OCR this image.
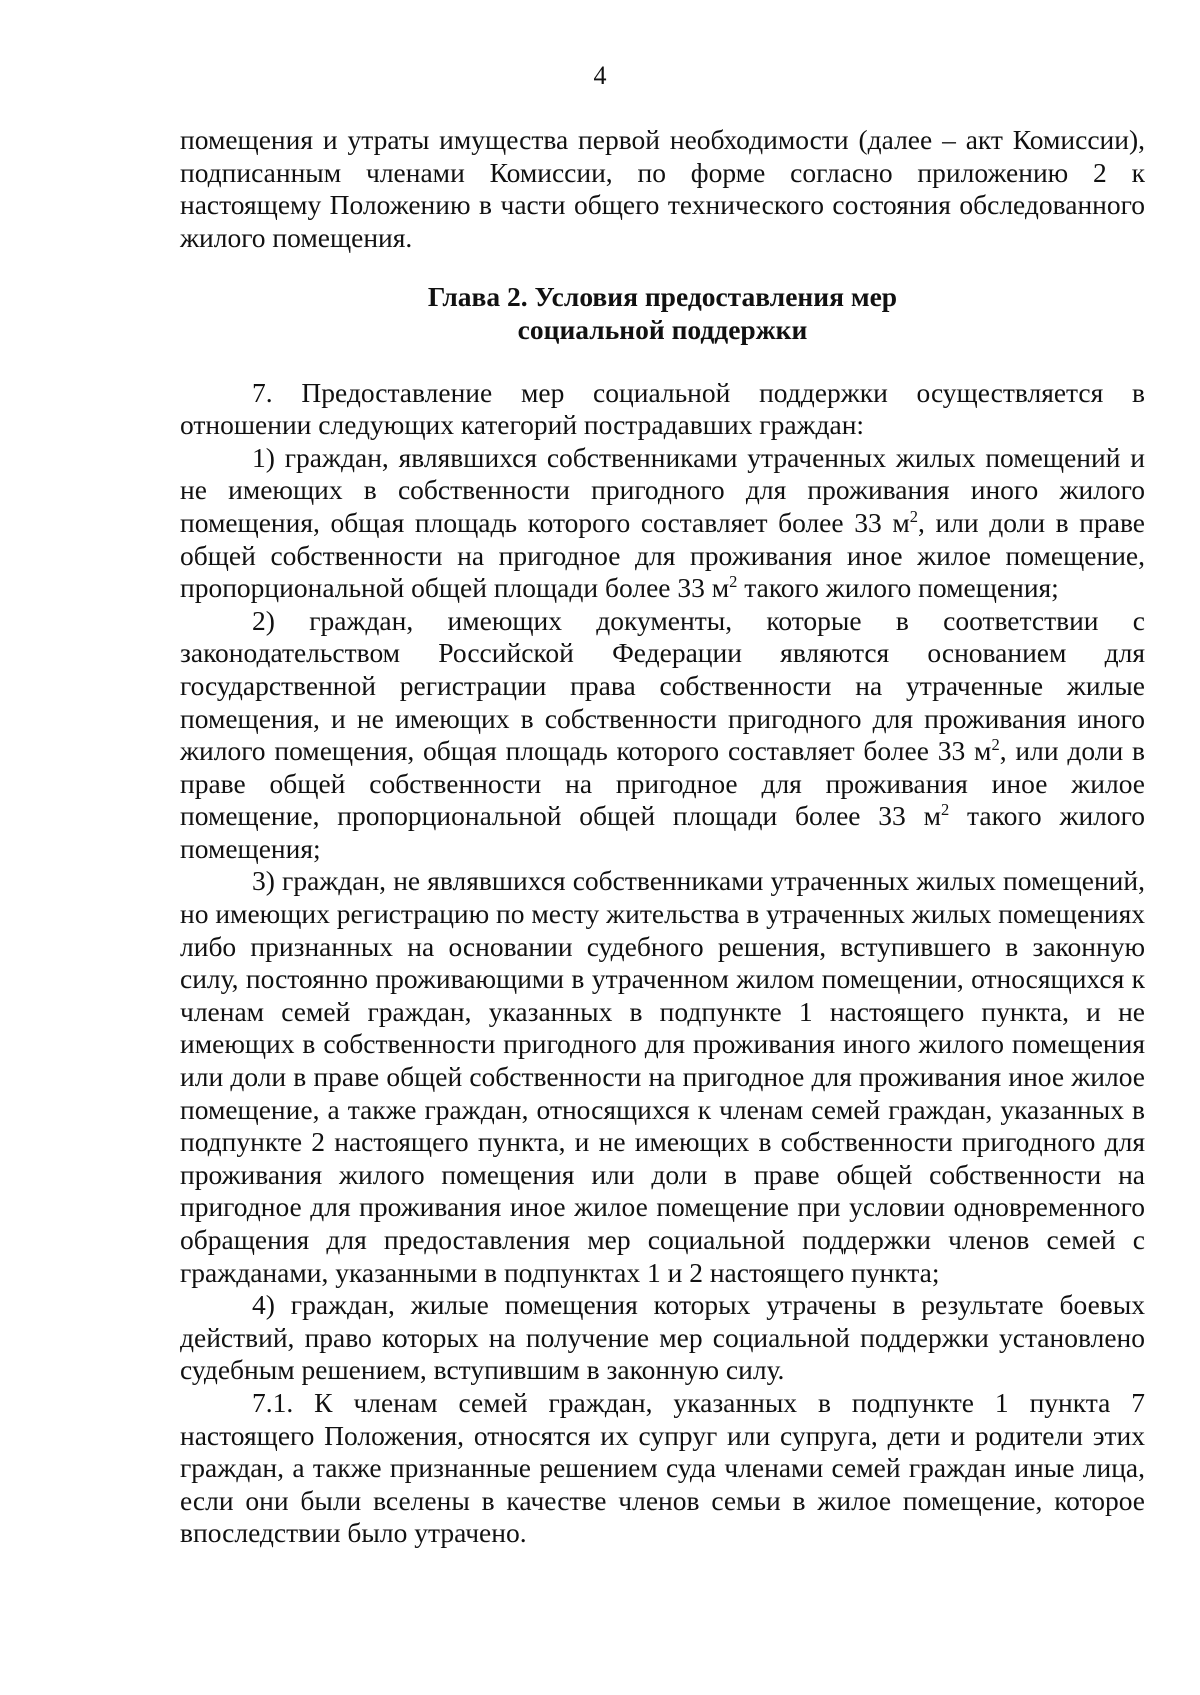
4

помещения и утраты имущества первой необходимости (далее – акт Комиссии), подписанным членами Комиссии, по форме согласно приложению 2 к настоящему Положению в части общего технического состояния обследованного жилого помещения.

Глава 2. Условия предоставления мер
социальной поддержки

7. Предоставление мер социальной поддержки осуществляется в отношении следующих категорий пострадавших граждан:

1) граждан, являвшихся собственниками утраченных жилых помещений и не имеющих в собственности пригодного для проживания иного жилого помещения, общая площадь которого составляет более 33 $м^2$, или доли в праве общей собственности на пригодное для проживания иное жилое помещение, пропорциональной общей площади более 33 $м^2$ такого жилого помещения;

2) граждан, имеющих документы, которые в соответствии с законодательством Российской Федерации являются основанием для государственной регистрации права собственности на утраченные жилые помещения, и не имеющих в собственности пригодного для проживания иного жилого помещения, общая площадь которого составляет более 33 $м^2$, или доли в праве общей собственности на пригодное для проживания иное жилое помещение, пропорциональной общей площади более 33 $м^2$ такого жилого помещения;

3) граждан, не являвшихся собственниками утраченных жилых помещений, но имеющих регистрацию по месту жительства в утраченных жилых помещениях либо признанных на основании судебного решения, вступившего в законную силу, постоянно проживающими в утраченном жилом помещении, относящихся к членам семей граждан, указанных в подпункте 1 настоящего пункта, и не имеющих в собственности пригодного для проживания иного жилого помещения или доли в праве общей собственности на пригодное для проживания иное жилое помещение, а также граждан, относящихся к членам семей граждан, указанных в подпункте 2 настоящего пункта, и не имеющих в собственности пригодного для проживания жилого помещения или доли в праве общей собственности на пригодное для проживания иное жилое помещение при условии одновременного обращения для предоставления мер социальной поддержки членов семей с гражданами, указанными в подпунктах 1 и 2 настоящего пункта;

4) граждан, жилые помещения которых утрачены в результате боевых действий, право которых на получение мер социальной поддержки установлено судебным решением, вступившим в законную силу.

7.1. К членам семей граждан, указанных в подпункте 1 пункта 7 настоящего Положения, относятся их супруг или супруга, дети и родители этих граждан, а также признанные решением суда членами семей граждан иные лица, если они были вселены в качестве членов семьи в жилое помещение, которое впоследствии было утрачено.
